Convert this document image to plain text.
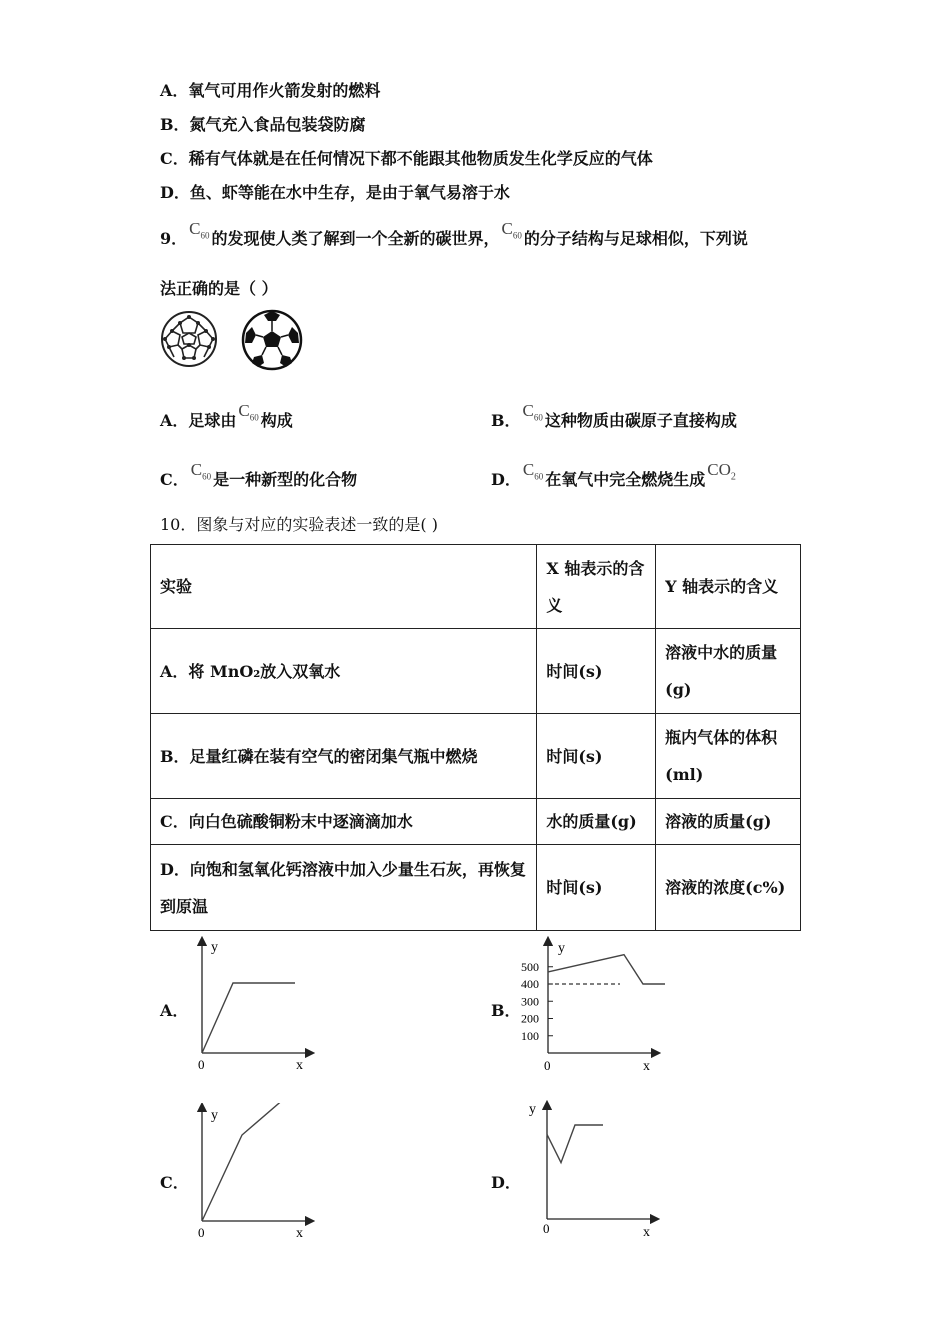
A．氧气可用作火箭发射的燃料
B．氮气充入食品包装袋防腐
C．稀有气体就是在任何情况下都不能跟其他物质发生化学反应的气体
D．鱼、虾等能在水中生存，是由于氧气易溶于水
9．$C_{60}$ 的发现使人类了解到一个全新的碳世界，$C_{60}$ 的分子结构与足球相似，下列说
法正确的是（ ）
A．足球由$C_{60}$ 构成	B．$C_{60}$ 这种物质由碳原子直接构成
C．$C_{60}$ 是一种新型的化合物	D．$C_{60}$ 在氧气中完全燃烧生成$CO_2$
10．图象与对应的实验表述一致的是( )
实验	X 轴表示的含义	Y 轴表示的含义
A．将 MnO₂放入双氧水	时间(s)	溶液中水的质量(g)
B．足量红磷在装有空气的密闭集气瓶中燃烧	时间(s)	瓶内气体的体积(ml)
C．向白色硫酸铜粉末中逐滴滴加水	水的质量(g)	溶液的质量(g)
D．向饱和氢氧化钙溶液中加入少量生石灰，再恢复到原温	时间(s)	溶液的浓度(c%)
A．	B．
C．	D．
y
x
0
y
x
0
100
200
300
400
500
y
x
0
y
x
0
